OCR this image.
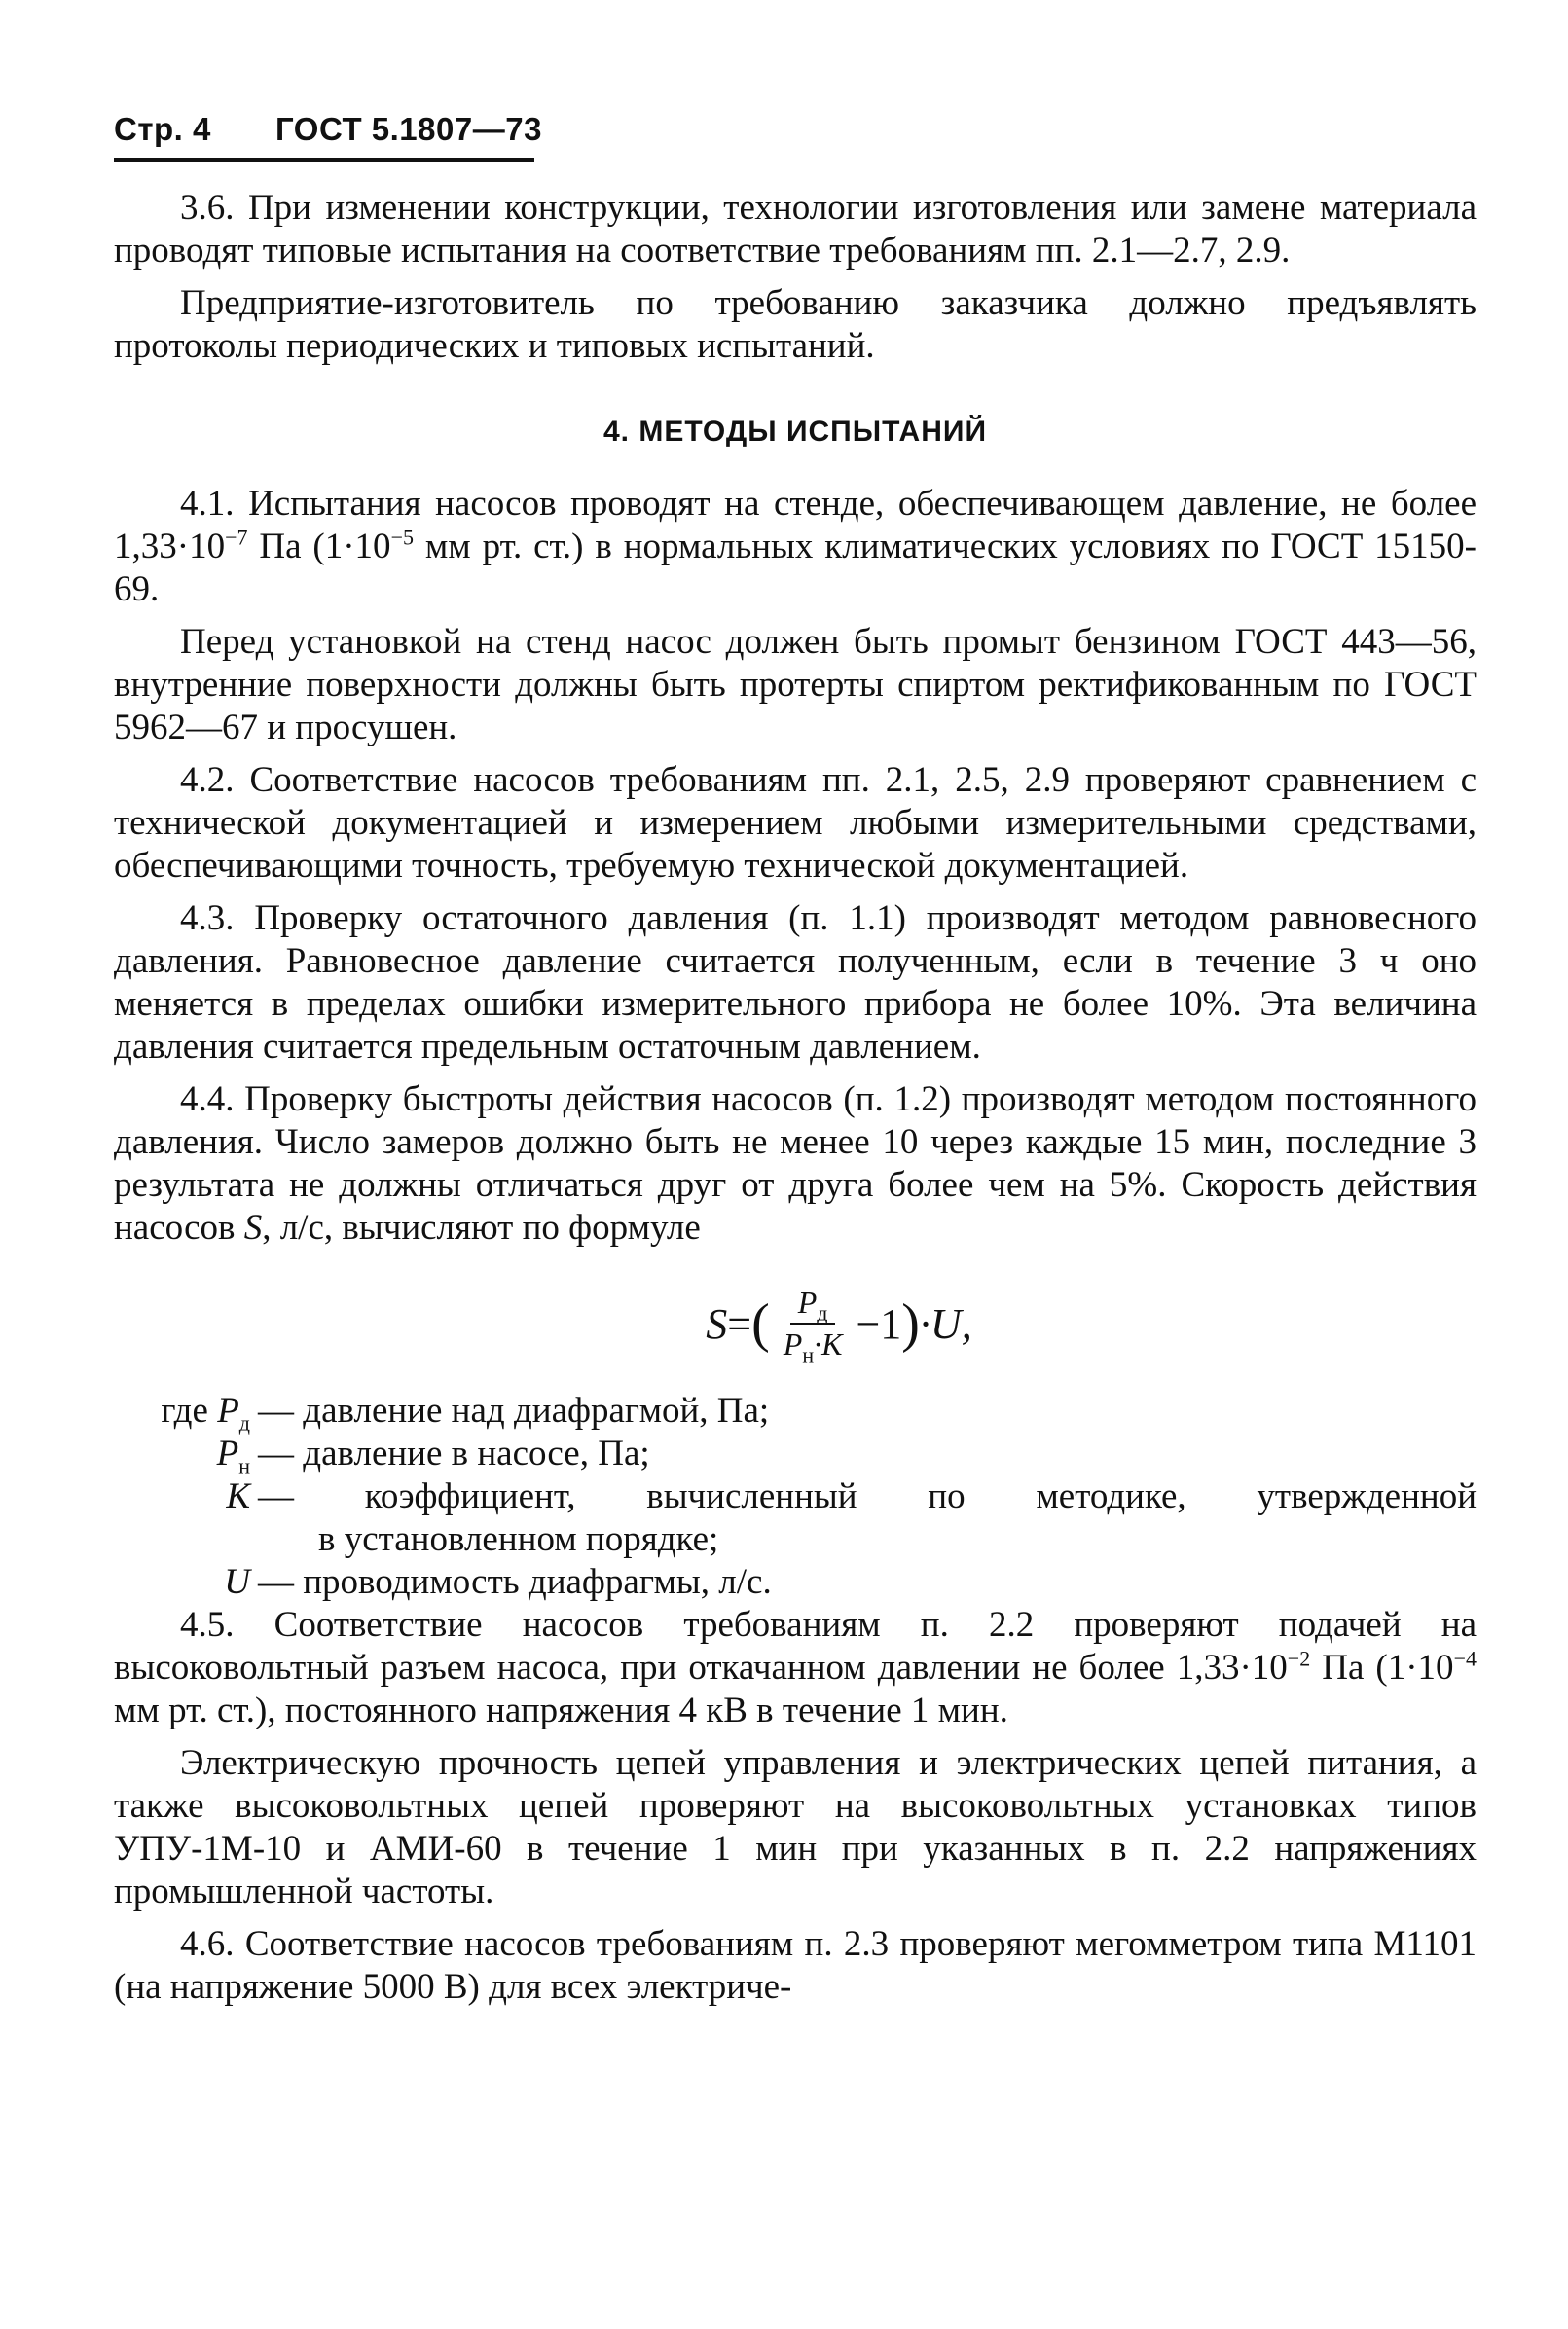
Стр. 4 ГОСТ 5.1807—73

3.6. При изменении конструкции, технологии изготовления или замене материала проводят типовые испытания на соответствие требованиям пп. 2.1—2.7, 2.9.

Предприятие-изготовитель по требованию заказчика должно предъявлять протоколы периодических и типовых испытаний.

4. МЕТОДЫ ИСПЫТАНИЙ

4.1. Испытания насосов проводят на стенде, обеспечивающем давление, не более $1,33\cdot 10^{-7}$ Па ($1\cdot 10^{-5}$ мм рт. ст.) в нормальных климатических условиях по ГОСТ 15150-69.

Перед установкой на стенд насос должен быть промыт бензином ГОСТ 443—56, внутренние поверхности должны быть протерты спиртом ректификованным по ГОСТ 5962—67 и просушен.

4.2. Соответствие насосов требованиям пп. 2.1, 2.5, 2.9 проверяют сравнением с технической документацией и измерением любыми измерительными средствами, обеспечивающими точность, требуемую технической документацией.

4.3. Проверку остаточного давления (п. 1.1) производят методом равновесного давления. Равновесное давление считается полученным, если в течение 3 ч оно меняется в пределах ошибки измерительного прибора не более 10%. Эта величина давления считается предельным остаточным давлением.

4.4. Проверку быстроты действия насосов (п. 1.2) производят методом постоянного давления. Число замеров должно быть не менее 10 через каждые 15 мин, последние 3 результата не должны отличаться друг от друга более чем на 5%. Скорость действия насосов S, л/с, вычисляют по формуле

S = ( $\frac{P_д}{P_н\cdot K} -1$ ) ·U,
где $P_д$ — давление над диафрагмой, Па;
$P_н$ — давление в насосе, Па;
K — коэффициент, вычисленный по методике, утвержденной
в установленном порядке;
U — проводимость диафрагмы, л/с.

4.5. Соответствие насосов требованиям п. 2.2 проверяют подачей на высоковольтный разъем насоса, при откачанном давлении не более $1,33\cdot 10^{-2}$ Па ($1\cdot 10^{-4}$ мм рт. ст.), постоянного напряжения 4 кВ в течение 1 мин.

Электрическую прочность цепей управления и электрических цепей питания, а также высоковольтных цепей проверяют на высоковольтных установках типов УПУ-1М-10 и АМИ-60 в течение 1 мин при указанных в п. 2.2 напряжениях промышленной частоты.

4.6. Соответствие насосов требованиям п. 2.3 проверяют мегомметром типа М1101 (на напряжение 5000 В) для всех электриче-
